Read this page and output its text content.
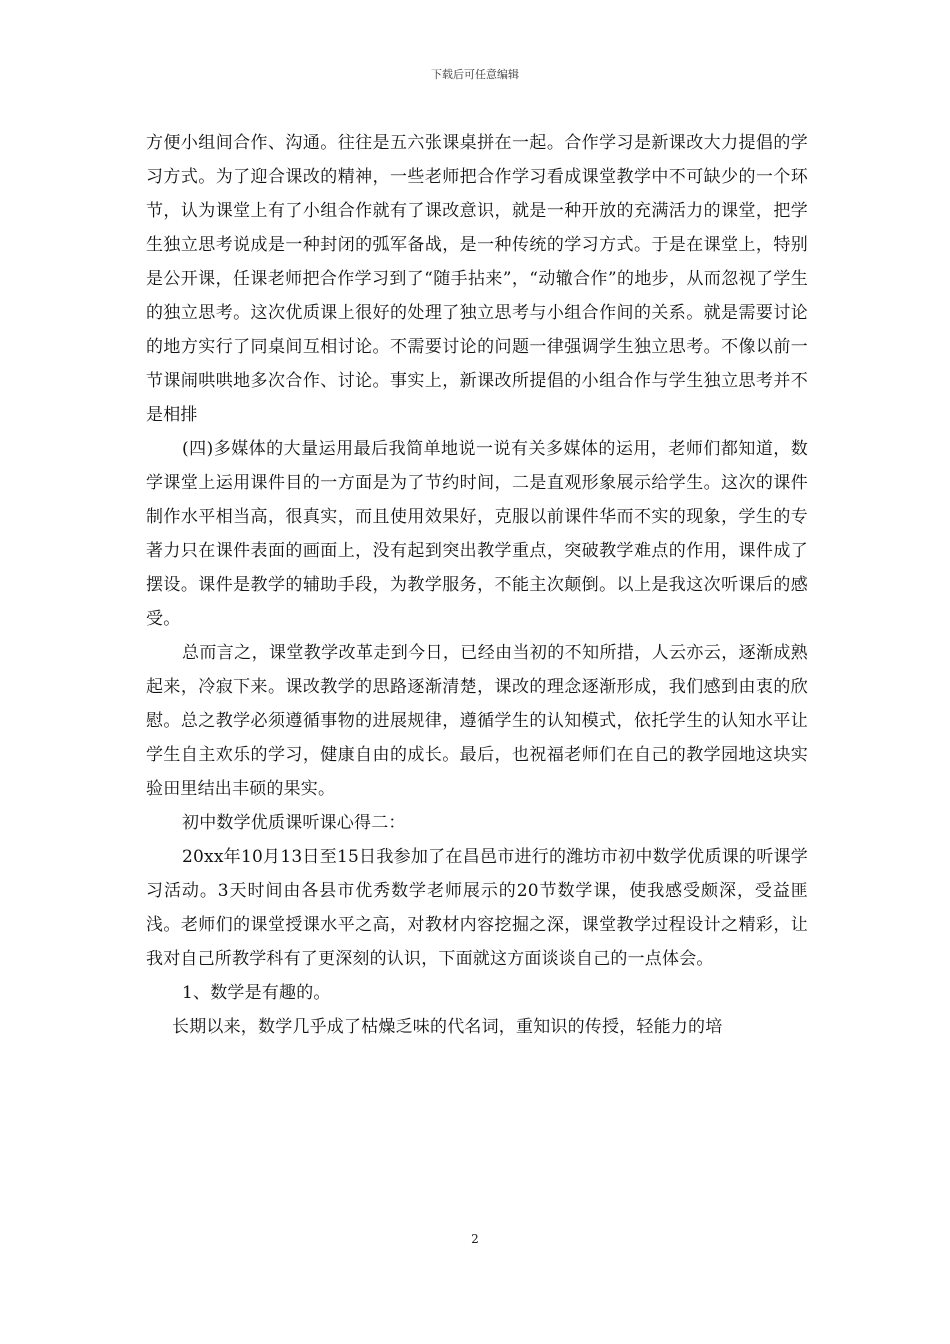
下载后可任意编辑

方便小组间合作、沟通。往往是五六张课桌拼在一起。合作学习是新课改大力提倡的学习方式。为了迎合课改的精神，一些老师把合作学习看成课堂教学中不可缺少的一个环节，认为课堂上有了小组合作就有了课改意识，就是一种开放的充满活力的课堂，把学生独立思考说成是一种封闭的弧军备战，是一种传统的学习方式。于是在课堂上，特别是公开课，任课老师把合作学习到了“随手拈来”，“动辙合作”的地步，从而忽视了学生的独立思考。这次优质课上很好的处理了独立思考与小组合作间的关系。就是需要讨论的地方实行了同桌间互相讨论。不需要讨论的问题一律强调学生独立思考。不像以前一节课闹哄哄地多次合作、讨论。事实上，新课改所提倡的小组合作与学生独立思考并不是相排

(四)多媒体的大量运用最后我简单地说一说有关多媒体的运用，老师们都知道，数学课堂上运用课件目的一方面是为了节约时间，二是直观形象展示给学生。这次的课件制作水平相当高，很真实，而且使用效果好，克服以前课件华而不实的现象，学生的专著力只在课件表面的画面上，没有起到突出教学重点，突破教学难点的作用，课件成了摆设。课件是教学的辅助手段，为教学服务，不能主次颠倒。以上是我这次听课后的感受。

总而言之，课堂教学改革走到今日，已经由当初的不知所措，人云亦云，逐渐成熟起来，冷寂下来。课改教学的思路逐渐清楚，课改的理念逐渐形成，我们感到由衷的欣慰。总之教学必须遵循事物的进展规律，遵循学生的认知模式，依托学生的认知水平让学生自主欢乐的学习，健康自由的成长。最后，也祝福老师们在自己的教学园地这块实验田里结出丰硕的果实。

初中数学优质课听课心得二：

20xx年10月13日至15日我参加了在昌邑市进行的潍坊市初中数学优质课的听课学习活动。3天时间由各县市优秀数学老师展示的20节数学课，使我感受颇深，受益匪浅。老师们的课堂授课水平之高，对教材内容挖掘之深，课堂教学过程设计之精彩，让我对自己所教学科有了更深刻的认识，下面就这方面谈谈自己的一点体会。

1、数学是有趣的。

长期以来，数学几乎成了枯燥乏味的代名词，重知识的传授，轻能力的培

2
